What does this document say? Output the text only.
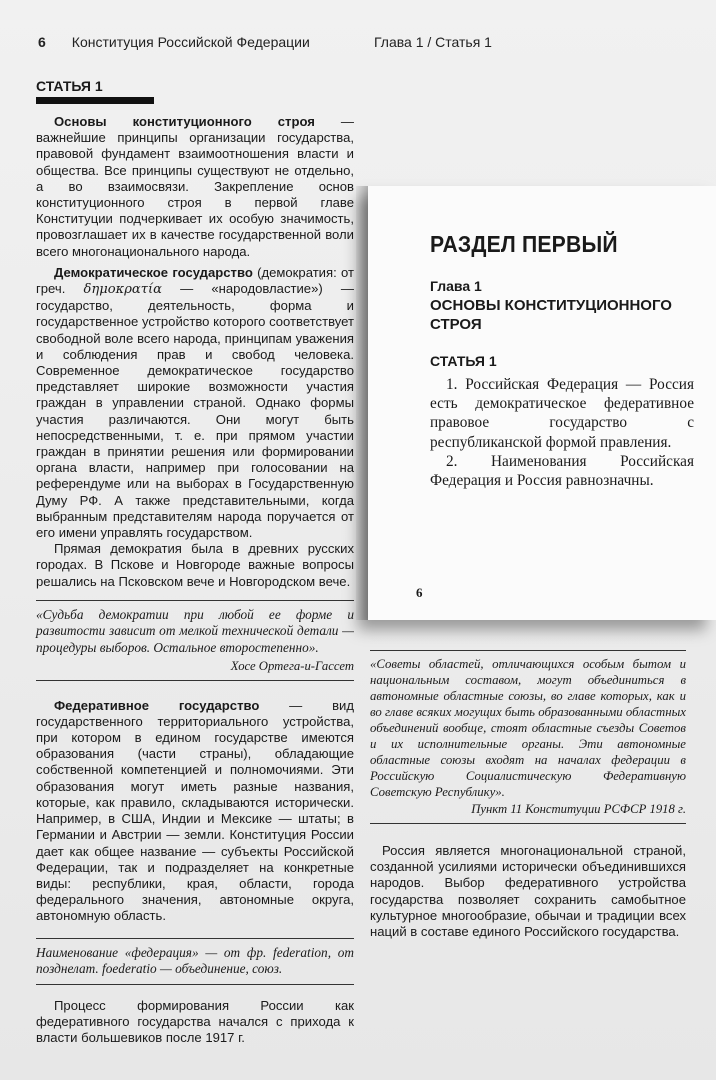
6 Конституция Российской Федерации	Глава 1 / Статья 1
СТАТЬЯ 1

Основы конституционного строя — важнейшие принципы организации государства, правовой фундамент взаимоотношения власти и общества. Все принципы существуют не отдельно, а во взаимосвязи. Закрепление основ конституционного строя в первой главе Конституции подчеркивает их особую значимость, провозглашает их в качестве государственной воли всего многонационального народа.

Демократическое государство (демократия: от греч. δημοκρατία — «народовластие») — государство, деятельность, форма и государственное устройство которого соответствует свободной воле всего народа, принципам уважения и соблюдения прав и свобод человека. Современное демократическое государство представляет широкие возможности участия граждан в управлении страной. Однако формы участия различаются. Они могут быть непосредственными, т. е. при прямом участии граждан в принятии решения или формировании органа власти, например при голосовании на референдуме или на выборах в Государственную Думу РФ. А также представительными, когда выбранным представителям народа поручается от его имени управлять государством.

Прямая демократия была в древних русских городах. В Пскове и Новгороде важные вопросы решались на Псковском вече и Новгородском вече.

«Судьба демократии при любой ее форме и развитости зависит от мелкой технической детали — процедуры выборов. Остальное второстепенно».

Хосе Ортега-и-Гассет

Федеративное государство — вид государственного территориального устройства, при котором в едином государстве имеются образования (части страны), обладающие собственной компетенцией и полномочиями. Эти образования могут иметь разные названия, которые, как правило, складываются исторически. Например, в США, Индии и Мексике — штаты; в Германии и Австрии — земли. Конституция России дает как общее название — субъекты Российской Федерации, так и подразделяет на конкретные виды: республики, края, области, города федерального значения, автономные округа, автономную область.

Наименование «федерация» — от фр. federation, от позднелат. foederatio — объединение, союз.

Процесс формирования России как федеративного государства начался с прихода к власти большевиков после 1917 г.

РАЗДЕЛ ПЕРВЫЙ
Глава 1
ОСНОВЫ КОНСТИТУЦИОННОГО СТРОЯ
СТАТЬЯ 1

1. Российская Федерация — Россия есть демократическое федеративное правовое государство с республиканской формой правления.

2. Наименования Российская Федерация и Россия равнозначны.

6

«Советы областей, отличающихся особым бытом и национальным составом, могут объединиться в автономные областные союзы, во главе которых, как и во главе всяких могущих быть образованными областных объединений вообще, стоят областные съезды Советов и их исполнительные органы. Эти автономные областные союзы входят на началах федерации в Российскую Социалистическую Федеративную Советскую Республику».

Пункт 11 Конституции РСФСР 1918 г.

Россия является многонациональной страной, созданной усилиями исторически объединившихся народов. Выбор федеративного устройства государства позволяет сохранить самобытное культурное многообразие, обычаи и традиции всех наций в составе единого Российского государства.
